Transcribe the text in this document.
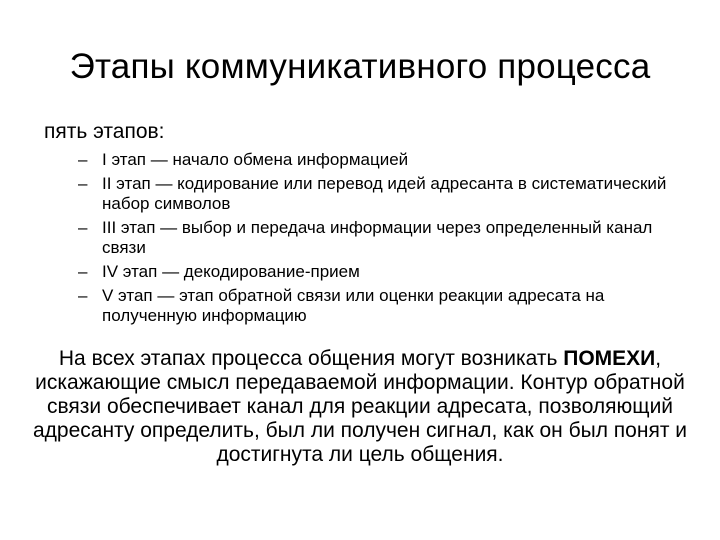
Этапы коммуникативного процесса
пять этапов:
– I этап — начало обмена информацией
– II этап — кодирование или перевод идей адресанта в систематический набор символов
– III этап — выбор и передача информации через определенный канал связи
– IV этап — декодирование-прием
– V этап — этап обратной связи или оценки реакции адресата на полученную информацию
На всех этапах процесса общения могут возникать ПОМЕХИ, искажающие смысл передаваемой информации. Контур обратной связи обеспечивает канал для реакции адресата, позволяющий адресанту определить, был ли получен сигнал, как он был понят и достигнута ли цель общения.
